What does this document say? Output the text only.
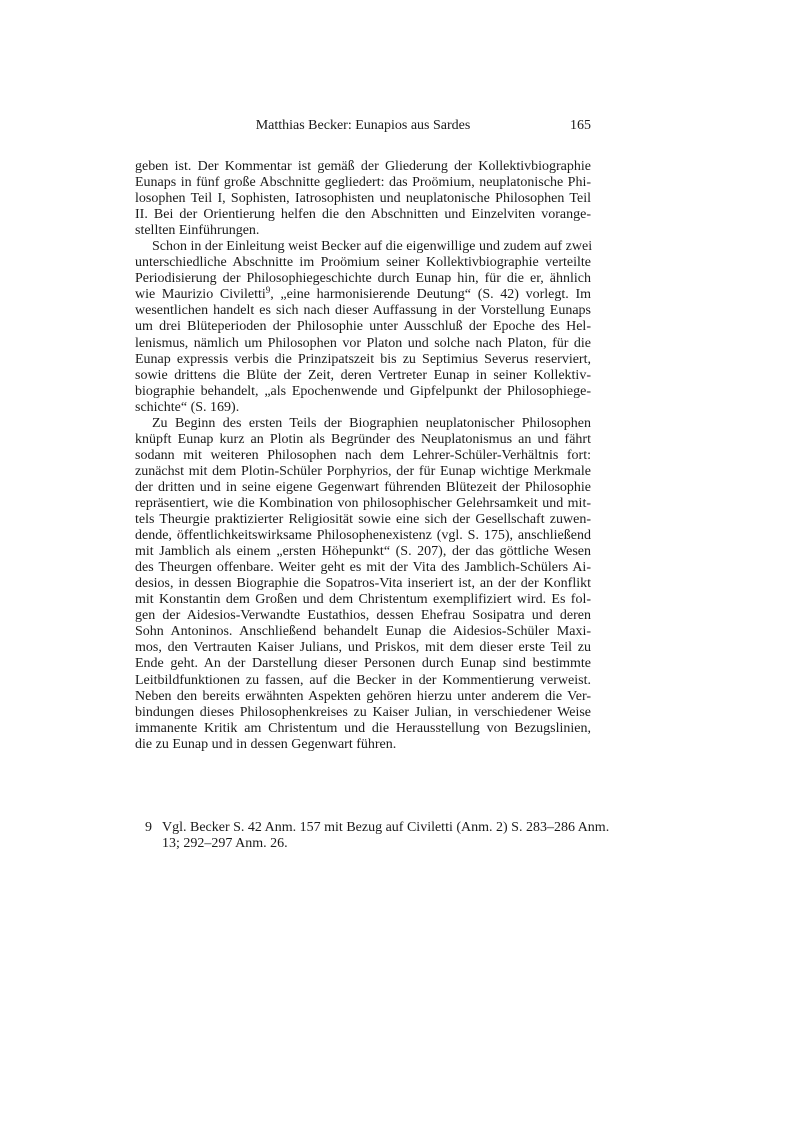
Matthias Becker: Eunapios aus Sardes	165
geben ist. Der Kommentar ist gemäß der Gliederung der Kollektivbiographie
Eunaps in fünf große Abschnitte gegliedert: das Proömium, neuplatonische Phi-
losophen Teil I, Sophisten, Iatrosophisten und neuplatonische Philosophen Teil
II. Bei der Orientierung helfen die den Abschnitten und Einzelviten vorange-
stellten Einführungen.
Schon in der Einleitung weist Becker auf die eigenwillige und zudem auf zwei
unterschiedliche Abschnitte im Proömium seiner Kollektivbiographie verteilte
Periodisierung der Philosophiegeschichte durch Eunap hin, für die er, ähnlich
wie Maurizio Civiletti$^9$, „eine harmonisierende Deutung“ (S. 42) vorlegt. Im
wesentlichen handelt es sich nach dieser Auffassung in der Vorstellung Eunaps
um drei Blüteperioden der Philosophie unter Ausschluß der Epoche des Hel-
lenismus, nämlich um Philosophen vor Platon und solche nach Platon, für die
Eunap expressis verbis die Prinzipatszeit bis zu Septimius Severus reserviert,
sowie drittens die Blüte der Zeit, deren Vertreter Eunap in seiner Kollektiv-
biographie behandelt, „als Epochenwende und Gipfelpunkt der Philosophiege-
schichte“ (S. 169).
Zu Beginn des ersten Teils der Biographien neuplatonischer Philosophen
knüpft Eunap kurz an Plotin als Begründer des Neuplatonismus an und fährt
sodann mit weiteren Philosophen nach dem Lehrer-Schüler-Verhältnis fort:
zunächst mit dem Plotin-Schüler Porphyrios, der für Eunap wichtige Merkmale
der dritten und in seine eigene Gegenwart führenden Blütezeit der Philosophie
repräsentiert, wie die Kombination von philosophischer Gelehrsamkeit und mit-
tels Theurgie praktizierter Religiosität sowie eine sich der Gesellschaft zuwen-
dende, öffentlichkeitswirksame Philosophenexistenz (vgl. S. 175), anschließend
mit Jamblich als einem „ersten Höhepunkt“ (S. 207), der das göttliche Wesen
des Theurgen offenbare. Weiter geht es mit der Vita des Jamblich-Schülers Ai-
desios, in dessen Biographie die Sopatros-Vita inseriert ist, an der der Konflikt
mit Konstantin dem Großen und dem Christentum exemplifiziert wird. Es fol-
gen der Aidesios-Verwandte Eustathios, dessen Ehefrau Sosipatra und deren
Sohn Antoninos. Anschließend behandelt Eunap die Aidesios-Schüler Maxi-
mos, den Vertrauten Kaiser Julians, und Priskos, mit dem dieser erste Teil zu
Ende geht. An der Darstellung dieser Personen durch Eunap sind bestimmte
Leitbildfunktionen zu fassen, auf die Becker in der Kommentierung verweist.
Neben den bereits erwähnten Aspekten gehören hierzu unter anderem die Ver-
bindungen dieses Philosophenkreises zu Kaiser Julian, in verschiedener Weise
immanente Kritik am Christentum und die Herausstellung von Bezugslinien,
die zu Eunap und in dessen Gegenwart führen.
9 Vgl. Becker S. 42 Anm. 157 mit Bezug auf Civiletti (Anm. 2) S. 283–286 Anm.
13; 292–297 Anm. 26.
